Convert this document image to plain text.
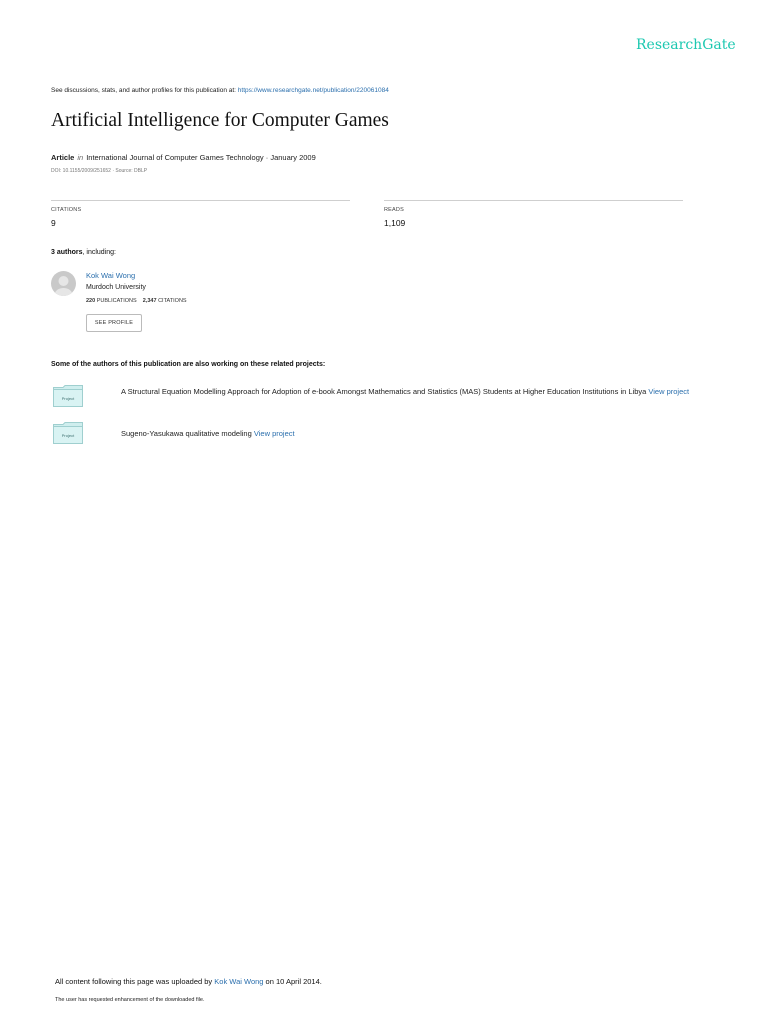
ResearchGate
See discussions, stats, and author profiles for this publication at: https://www.researchgate.net/publication/220061084
Artificial Intelligence for Computer Games
Article in International Journal of Computer Games Technology · January 2009
DOI: 10.1155/2009/251652 · Source: DBLP
CITATIONS
9
READS
1,109
3 authors, including:
Kok Wai Wong
Murdoch University
220 PUBLICATIONS 2,347 CITATIONS
SEE PROFILE
Some of the authors of this publication are also working on these related projects:
Project
A Structural Equation Modelling Approach for Adoption of e-book Amongst Mathematics and Statistics (MAS) Students at Higher Education Institutions in Libya View project
Project	Sugeno-Yasukawa qualitative modeling View project
All content following this page was uploaded by Kok Wai Wong on 10 April 2014.
The user has requested enhancement of the downloaded file.
